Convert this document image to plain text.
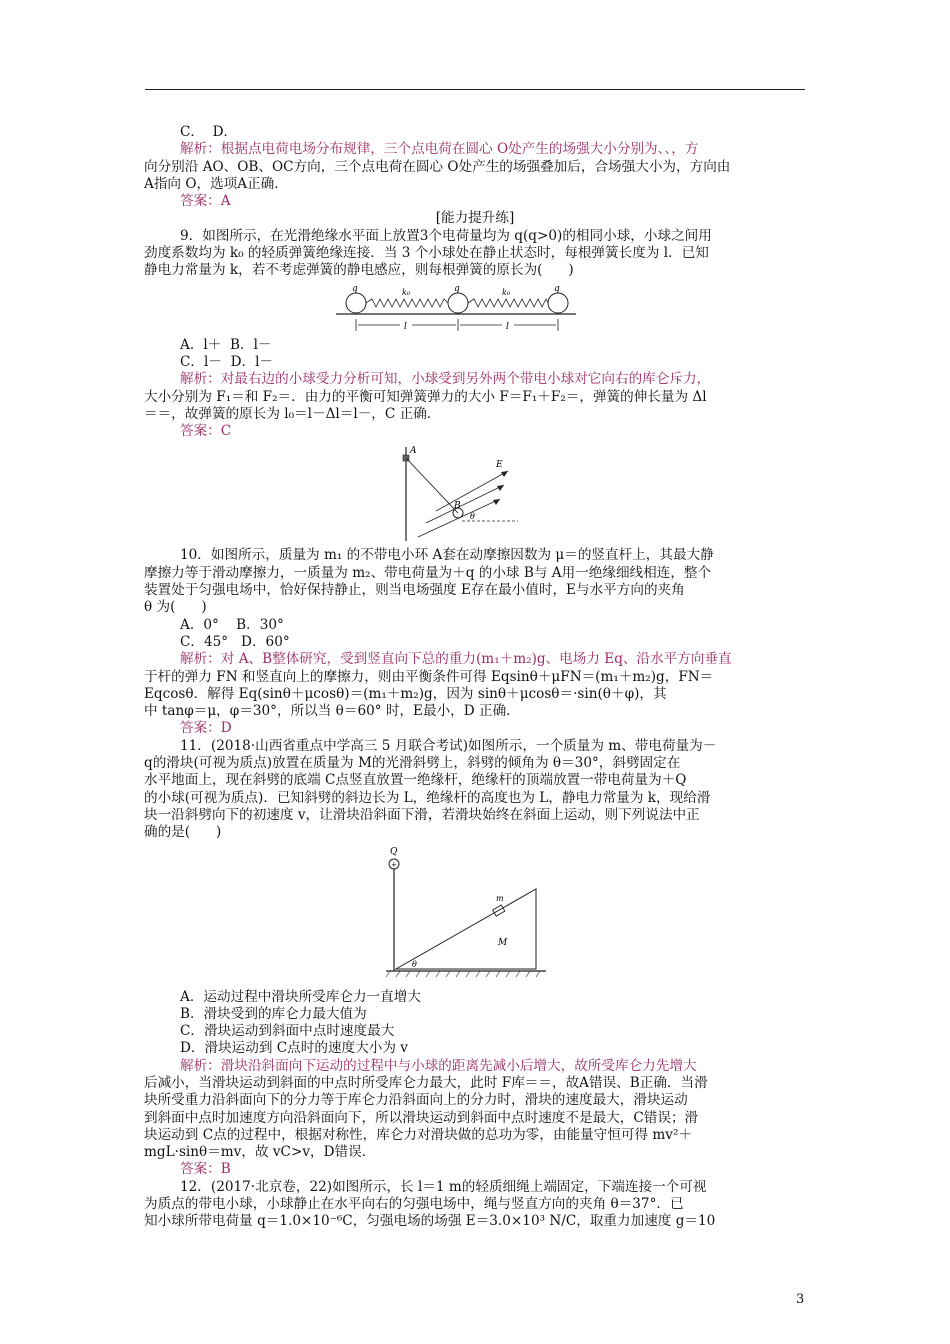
C．  D．

解析：根据点电荷电场分布规律，三个点电荷在圆心 O处产生的场强大小分别为、、，方

向分别沿 AO、OB、OC方向，三个点电荷在圆心 O处产生的场强叠加后，合场强大小为，方向由

A指向 O，选项A正确．

答案：A

[能力提升练]

9．如图所示，在光滑绝缘水平面上放置3个电荷量均为 q(q>0)的相同小球，小球之间用

劲度系数均为 k₀ 的轻质弹簧绝缘连接．当 3 个小球处在静止状态时，每根弹簧长度为 l．已知

静电力常量为 k，若不考虑弹簧的静电感应，则每根弹簧的原长为(      )

q	q	q
k₀	k₀
l	l

A．l＋  B．l－

C．l－  D．l－

解析：对最右边的小球受力分析可知，小球受到另外两个带电小球对它向右的库仑斥力，

大小分别为 F₁＝和 F₂＝．由力的平衡可知弹簧弹力的大小 F＝F₁＋F₂＝，弹簧的伸长量为 Δl

＝＝，故弹簧的原长为 l₀＝l－Δl＝l－，C 正确．

答案：C

A
B
E
θ

10．如图所示，质量为 m₁ 的不带电小环 A套在动摩擦因数为 μ＝的竖直杆上，其最大静

摩擦力等于滑动摩擦力，一质量为 m₂、带电荷量为＋q 的小球 B与 A用一绝缘细线相连，整个

装置处于匀强电场中，恰好保持静止，则当电场强度 E存在最小值时，E与水平方向的夹角

θ 为(      )

A．0°    B．30°

C．45°   D．60°

解析：对 A、B整体研究，受到竖直向下总的重力(m₁＋m₂)g、电场力 Eq、沿水平方向垂直

于杆的弹力 FN 和竖直向上的摩擦力，则由平衡条件可得 Eqsinθ＋μFN＝(m₁＋m₂)g，FN＝

Eqcosθ．解得 Eq(sinθ＋μcosθ)＝(m₁＋m₂)g，因为 sinθ＋μcosθ＝·sin(θ＋φ)，其

中 tanφ＝μ，φ＝30°，所以当 θ＝60° 时，E最小，D 正确．

答案：D

11．(2018·山西省重点中学高三 5 月联合考试)如图所示，一个质量为 m、带电荷量为－

q的滑块(可视为质点)放置在质量为 M的光滑斜劈上，斜劈的倾角为 θ＝30°，斜劈固定在

水平地面上，现在斜劈的底端 C点竖直放置一绝缘杆，绝缘杆的顶端放置一带电荷量为＋Q

的小球(可视为质点)．已知斜劈的斜边长为 L，绝缘杆的高度也为 L，静电力常量为 k，现给滑

块一沿斜劈向下的初速度 v，让滑块沿斜面下滑，若滑块始终在斜面上运动，则下列说法中正

确的是(      )

+
Q
m
M
θ

A．运动过程中滑块所受库仑力一直增大

B．滑块受到的库仑力最大值为

C．滑块运动到斜面中点时速度最大

D．滑块运动到 C点时的速度大小为 v

解析：滑块沿斜面向下运动的过程中与小球的距离先减小后增大，故所受库仑力先增大

后减小，当滑块运动到斜面的中点时所受库仑力最大，此时 F库＝＝，故A错误、B正确．当滑

块所受重力沿斜面向下的分力等于库仑力沿斜面向上的分力时，滑块的速度最大，滑块运动

到斜面中点时加速度方向沿斜面向下，所以滑块运动到斜面中点时速度不是最大，C错误；滑

块运动到 C点的过程中，根据对称性，库仑力对滑块做的总功为零，由能量守恒可得 mv²＋

mgL·sinθ＝mv，故 vC>v，D错误．

答案：B

12．(2017·北京卷，22)如图所示，长 l＝1 m的轻质细绳上端固定，下端连接一个可视

为质点的带电小球，小球静止在水平向右的匀强电场中，绳与竖直方向的夹角 θ＝37°．已

知小球所带电荷量 q＝1.0×10⁻⁶C，匀强电场的场强 E＝3.0×10³ N/C，取重力加速度 g＝10

3
